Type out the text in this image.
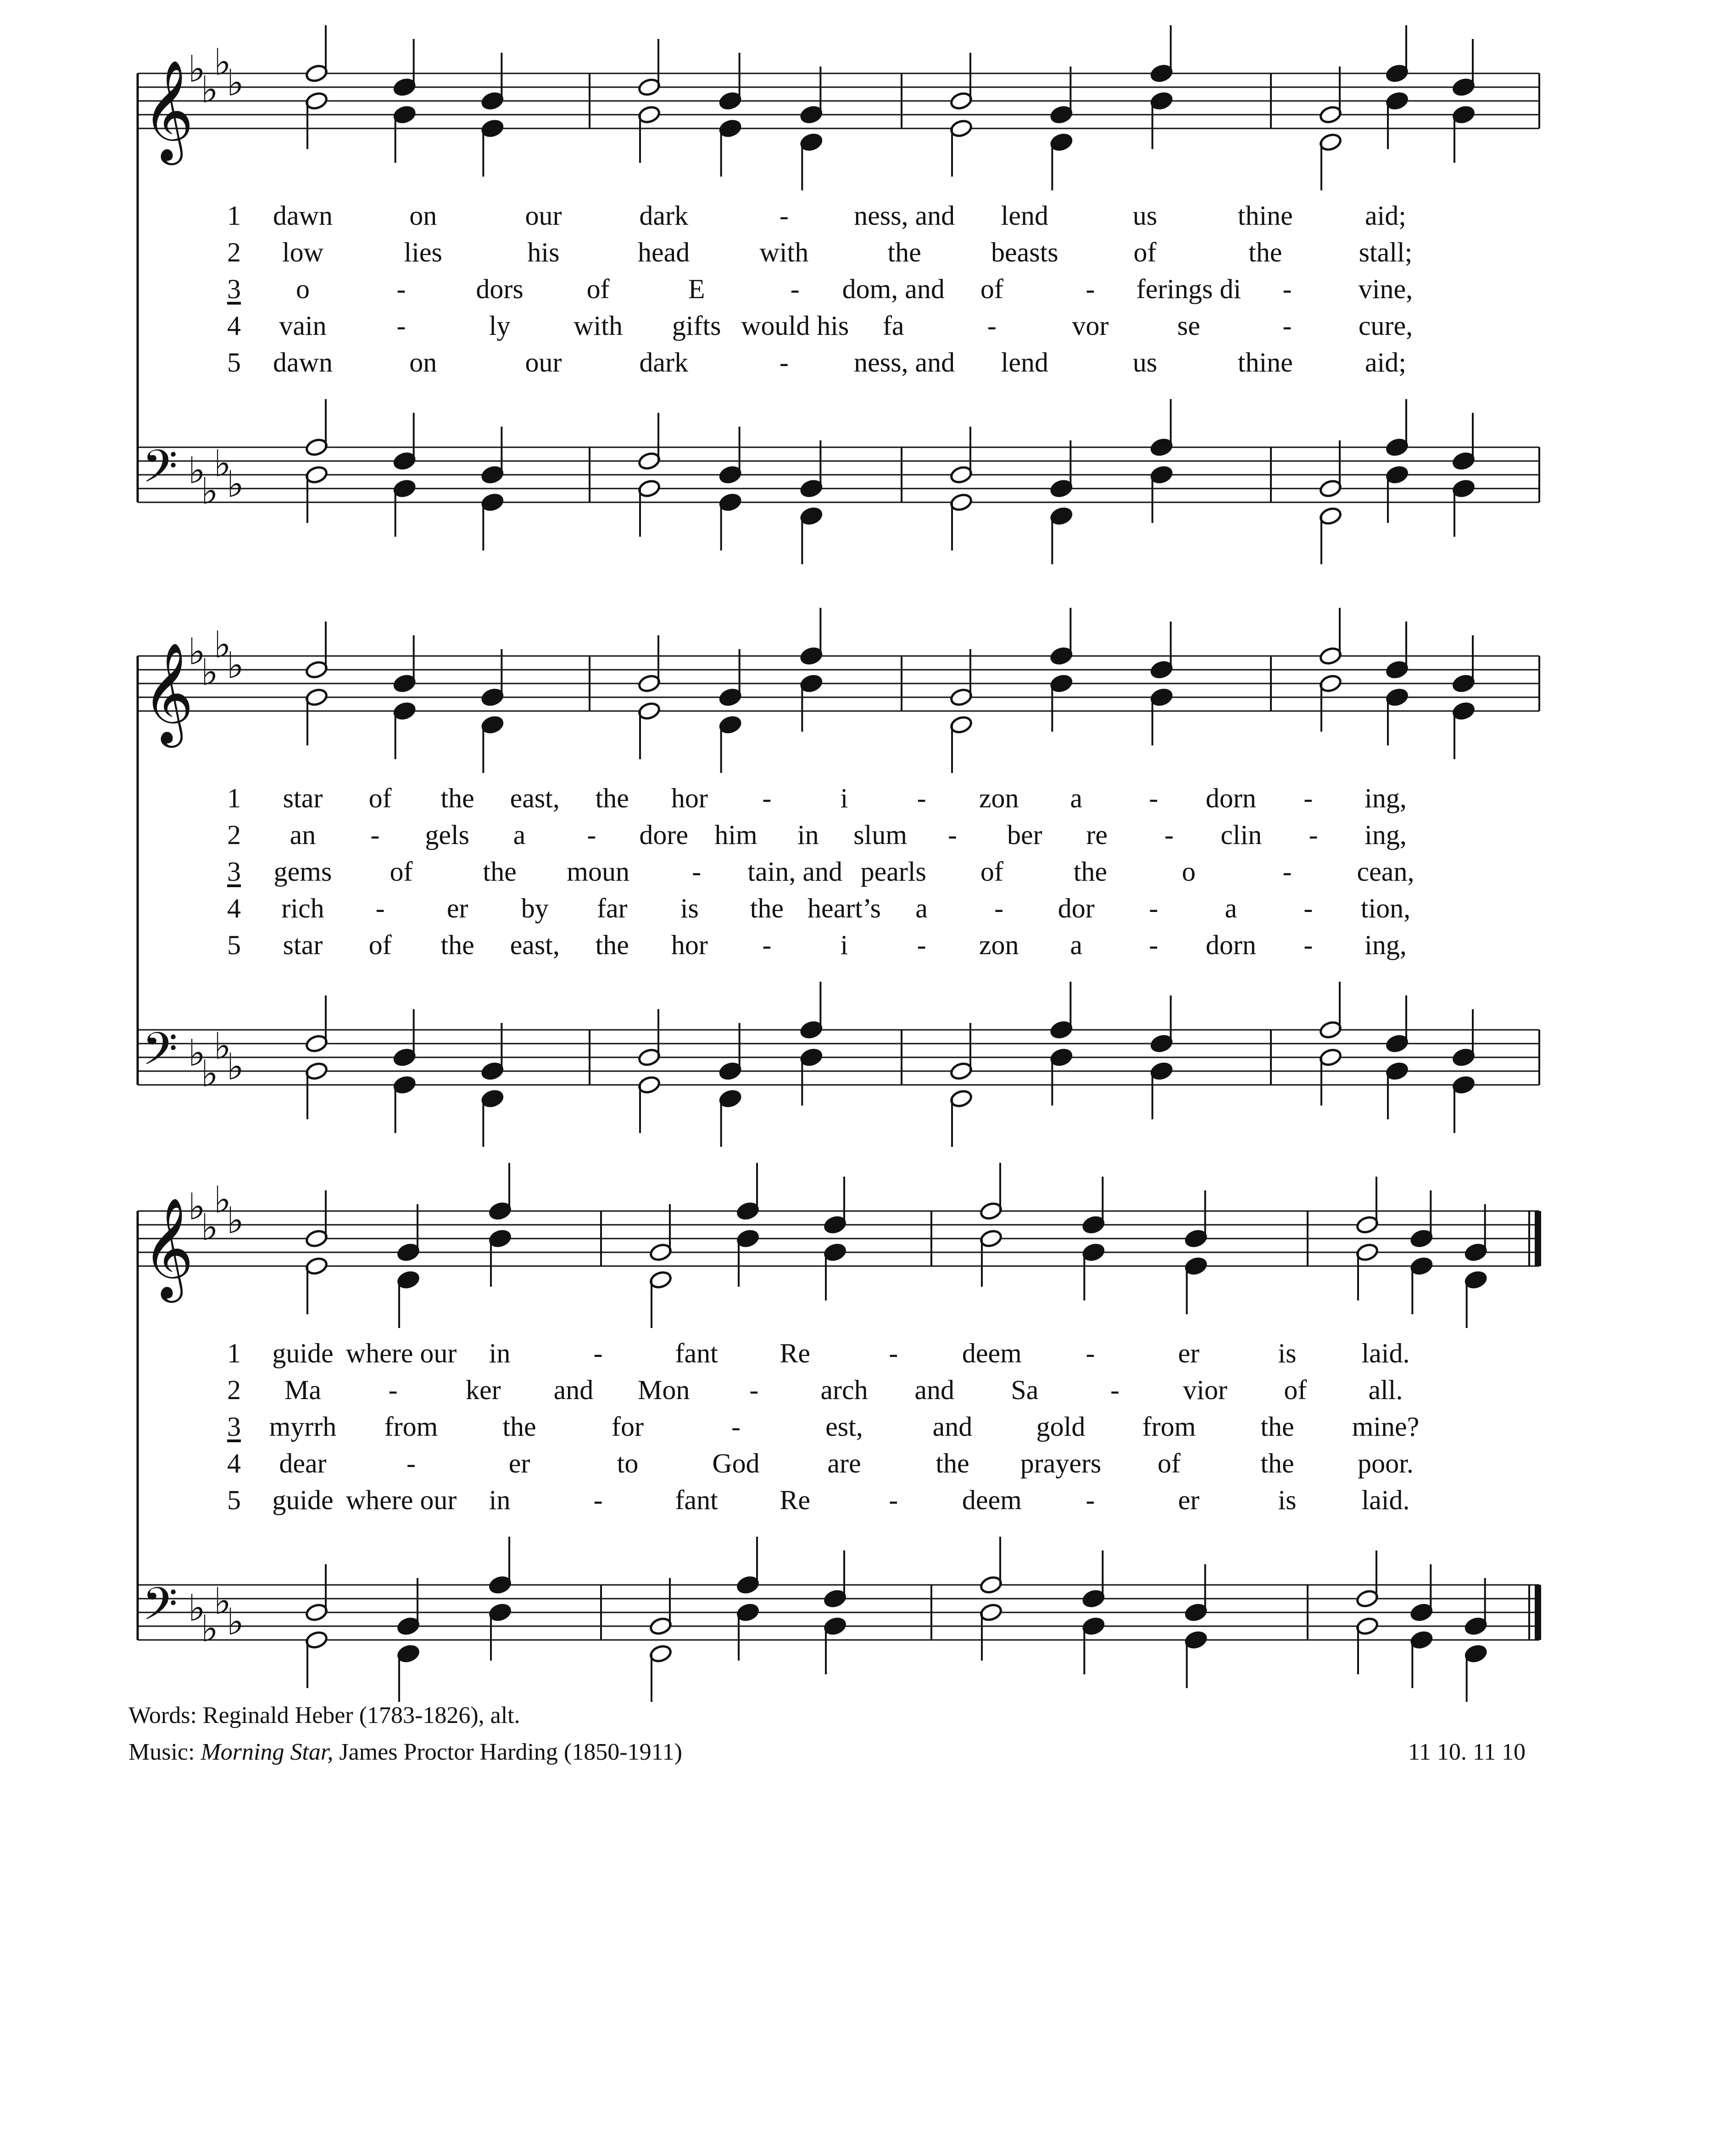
𝄞
♭
♭
♭
♭
𝄢 ♭
♭
♭
♭
1 dawn	on	our	dark	- ness, and lend	us	thine	aid;
2 low	lies	his	head	with	the	beasts	of	the	stall;
3 o	-	dors of	E	- dom, and of	- ferings di - vine,
4 vain	-	ly with gifts would his fa	-	vor se	- cure,
5 dawn	on	our	dark	- ness, and lend	us	thine	aid;
𝄞
♭
♭
♭
♭
𝄢 ♭
♭
♭
♭
1 star of the east, the hor -	i	- zon a - dorn - ing,
2 an - gels a - dore him in slum - ber re - clin - ing,
3 gems of	the moun - tain, and pearls of	the	o	- cean,
4 rich - er by far is the heart’s a - dor - a - tion,
5 star of the east, the hor -	i	- zon a - dorn - ing,
𝄞
♭
♭
♭
♭
𝄢 ♭
♭
♭
♭
1 guide where our in	-	fant Re	- deem -	er	is laid.
2 Ma - ker and Mon - arch and Sa	- vior of all.
3 myrrh from the	for	-	est,	and gold from the mine?
4 dear	-	er	to	God are	the prayers of	the poor.
5 guide where our in	-	fant Re	- deem -	er	is laid.
Words: Reginald Heber (1783-1826), alt.
Music: Morning Star, James Proctor Harding (1850-1911)	11 10. 11 10
